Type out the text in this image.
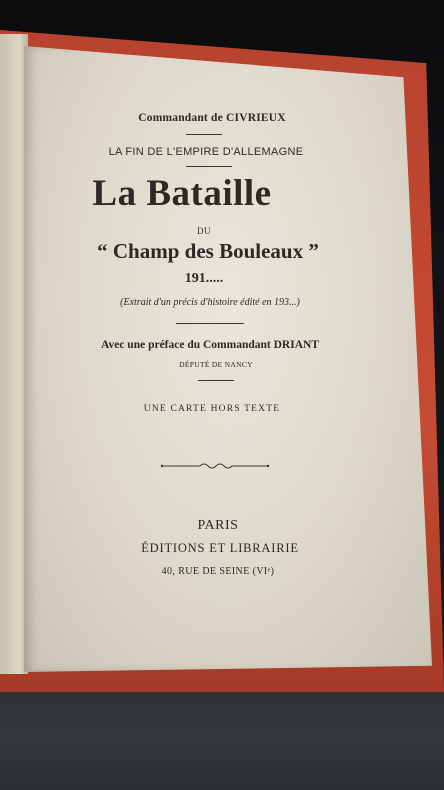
Commandant de CIVRIEUX
LA FIN DE L'EMPIRE D'ALLEMAGNE
La Bataille
DU
“ Champ des Bouleaux ”
191.....
(Extrait d'un précis d'histoire édité en 193...)
Avec une préface du Commandant DRIANT
DÉPUTÉ DE NANCY
UNE CARTE HORS TEXTE
PARIS
ÉDITIONS ET LIBRAIRIE
40, RUE DE SEINE (VIᵉ)
